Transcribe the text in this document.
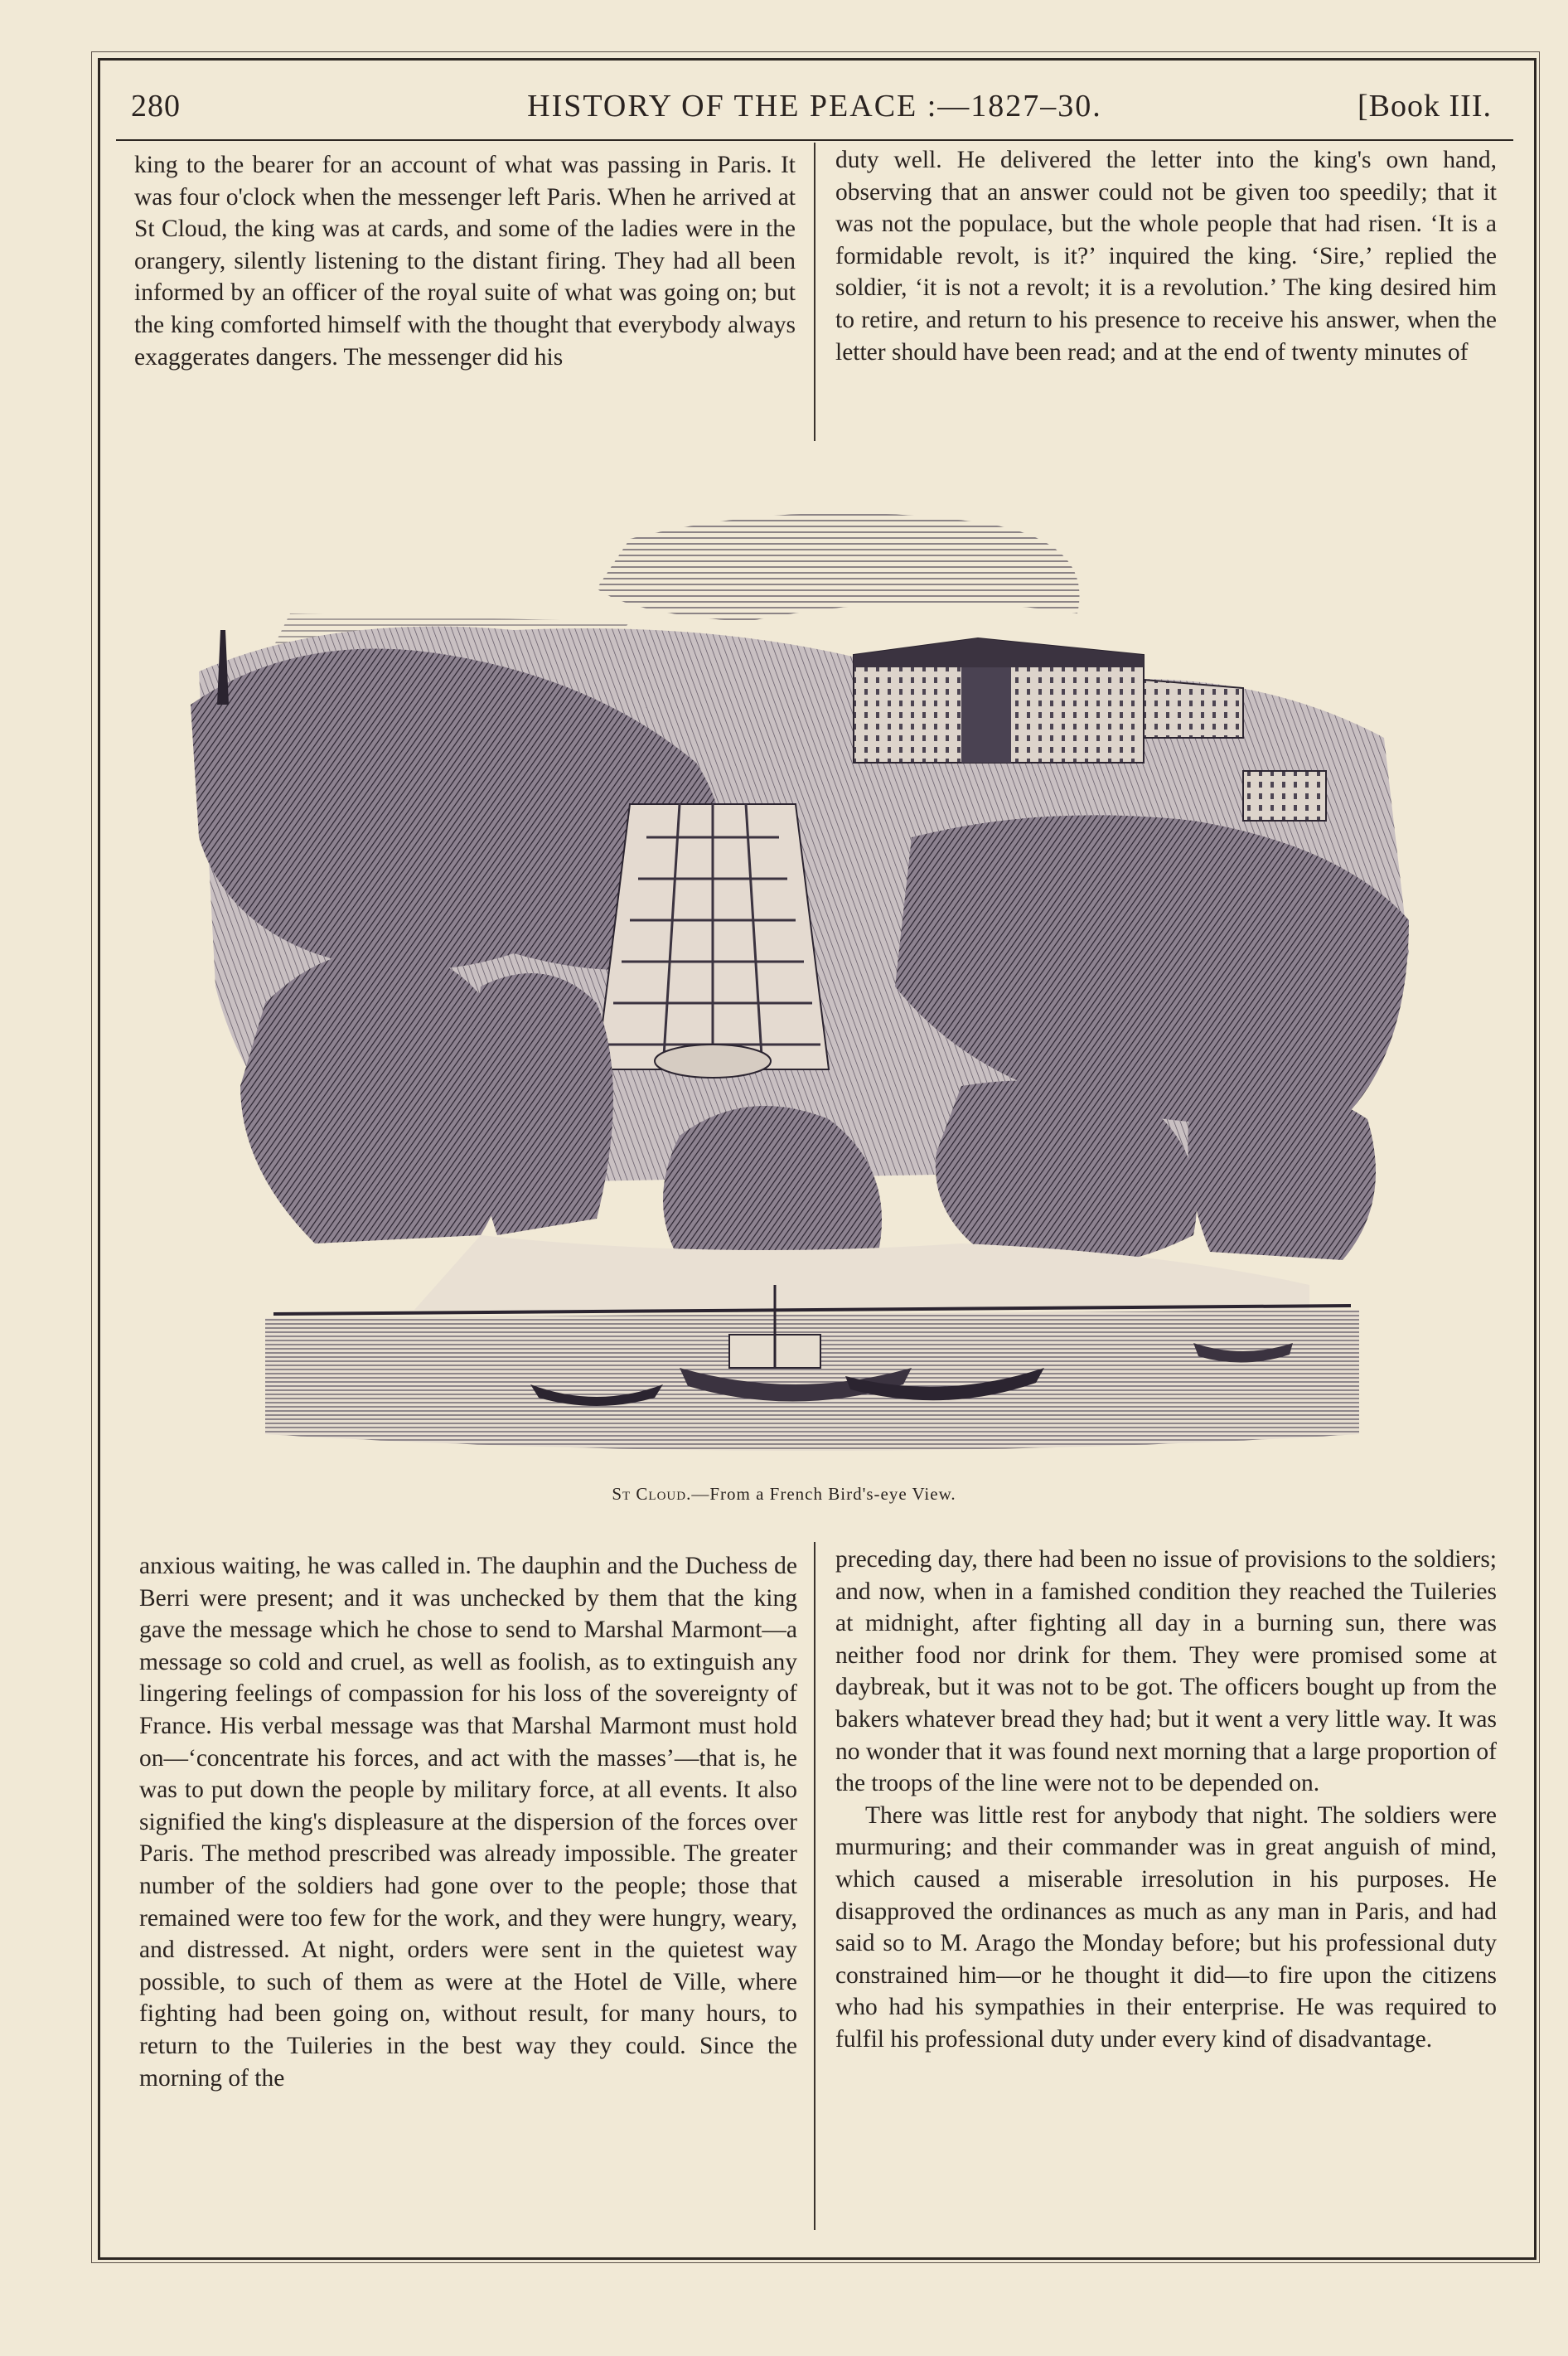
280	HISTORY OF THE PEACE :—1827–30.	[Book III.

king to the bearer for an account of what was passing in Paris. It was four o'clock when the messenger left Paris. When he arrived at St Cloud, the king was at cards, and some of the ladies were in the orangery, silently listening to the distant firing. They had all been informed by an officer of the royal suite of what was going on; but the king comforted himself with the thought that everybody always exaggerates dangers. The messenger did his

duty well. He delivered the letter into the king's own hand, observing that an answer could not be given too speedily; that it was not the populace, but the whole people that had risen. ‘It is a formidable revolt, is it?’ inquired the king. ‘Sire,’ replied the soldier, ‘it is not a revolt; it is a revolution.’ The king desired him to retire, and return to his presence to receive his answer, when the letter should have been read; and at the end of twenty minutes of

St Cloud.—From a French Bird's-eye View.

anxious waiting, he was called in. The dauphin and the Duchess de Berri were present; and it was unchecked by them that the king gave the message which he chose to send to Marshal Marmont—a message so cold and cruel, as well as foolish, as to extinguish any lingering feelings of compassion for his loss of the sovereignty of France. His verbal message was that Marshal Marmont must hold on—‘concentrate his forces, and act with the masses’—that is, he was to put down the people by military force, at all events. It also signified the king's displeasure at the dispersion of the forces over Paris. The method prescribed was already impossible. The greater number of the soldiers had gone over to the people; those that remained were too few for the work, and they were hungry, weary, and distressed. At night, orders were sent in the quietest way possible, to such of them as were at the Hotel de Ville, where fighting had been going on, without result, for many hours, to return to the Tuileries in the best way they could. Since the morning of the

preceding day, there had been no issue of provisions to the soldiers; and now, when in a famished condition they reached the Tuileries at midnight, after fighting all day in a burning sun, there was neither food nor drink for them. They were promised some at daybreak, but it was not to be got. The officers bought up from the bakers whatever bread they had; but it went a very little way. It was no wonder that it was found next morning that a large proportion of the troops of the line were not to be depended on.

There was little rest for anybody that night. The soldiers were murmuring; and their commander was in great anguish of mind, which caused a miserable irresolution in his purposes. He disapproved the ordinances as much as any man in Paris, and had said so to M. Arago the Monday before; but his professional duty constrained him—or he thought it did—to fire upon the citizens who had his sympathies in their enterprise. He was required to fulfil his professional duty under every kind of disadvantage.
